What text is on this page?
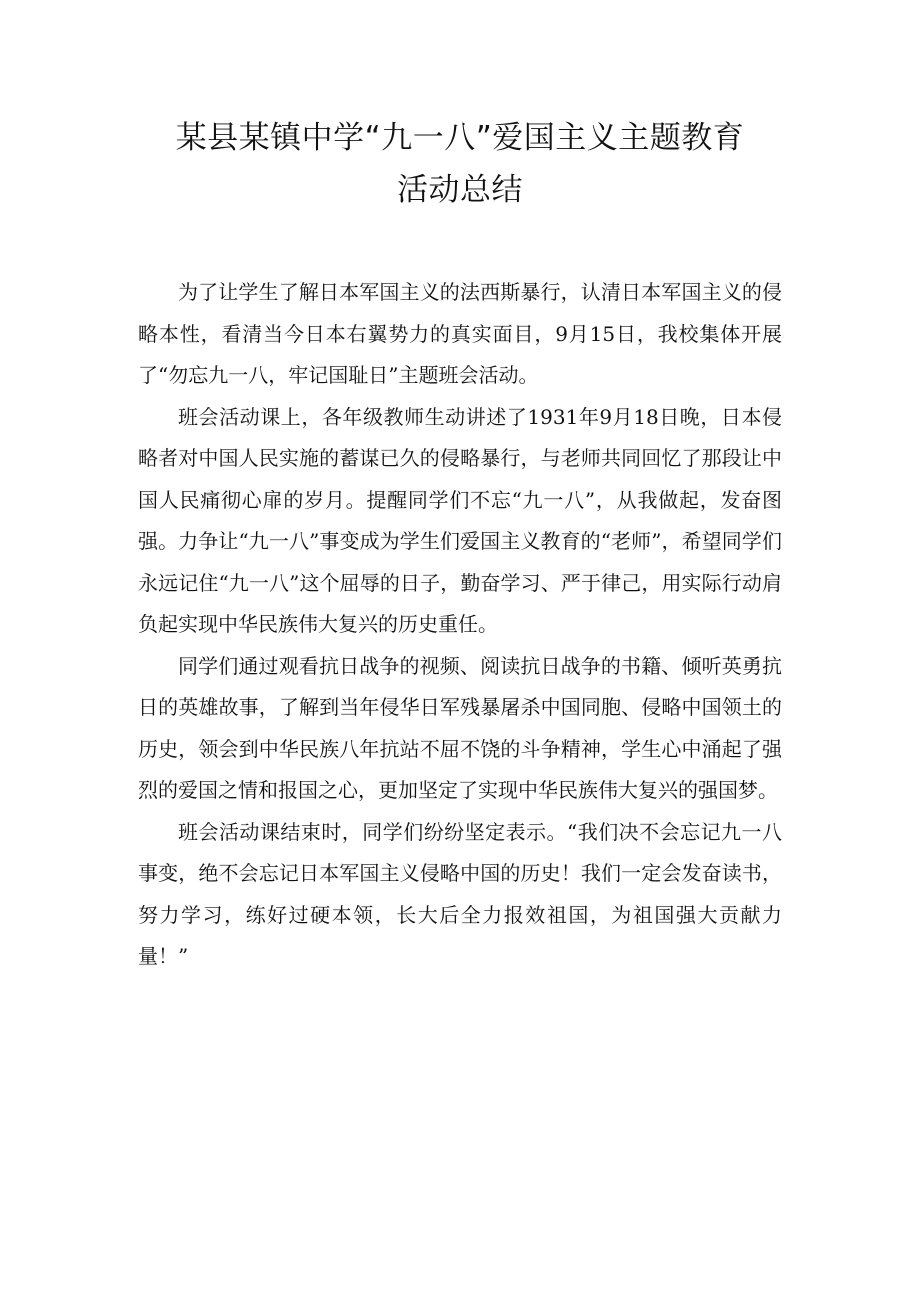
某县某镇中学“九一八”爱国主义主题教育
活动总结

为了让学生了解日本军国主义的法西斯暴行，认清日本军国主义的侵略本性，看清当今日本右翼势力的真实面目，9月15日，我校集体开展了“勿忘九一八，牢记国耻日”主题班会活动。

班会活动课上，各年级教师生动讲述了1931年9月18日晚，日本侵略者对中国人民实施的蓄谋已久的侵略暴行，与老师共同回忆了那段让中国人民痛彻心扉的岁月。提醒同学们不忘“九一八”，从我做起，发奋图强。力争让“九一八”事变成为学生们爱国主义教育的“老师”，希望同学们永远记住“九一八”这个屈辱的日子，勤奋学习、严于律己，用实际行动肩负起实现中华民族伟大复兴的历史重任。

同学们通过观看抗日战争的视频、阅读抗日战争的书籍、倾听英勇抗日的英雄故事，了解到当年侵华日军残暴屠杀中国同胞、侵略中国领土的历史，领会到中华民族八年抗站不屈不饶的斗争精神，学生心中涌起了强烈的爱国之情和报国之心，更加坚定了实现中华民族伟大复兴的强国梦。

班会活动课结束时，同学们纷纷坚定表示。“我们决不会忘记九一八事变，绝不会忘记日本军国主义侵略中国的历史！我们一定会发奋读书，努力学习，练好过硬本领，长大后全力报效祖国，为祖国强大贡献力量！”
